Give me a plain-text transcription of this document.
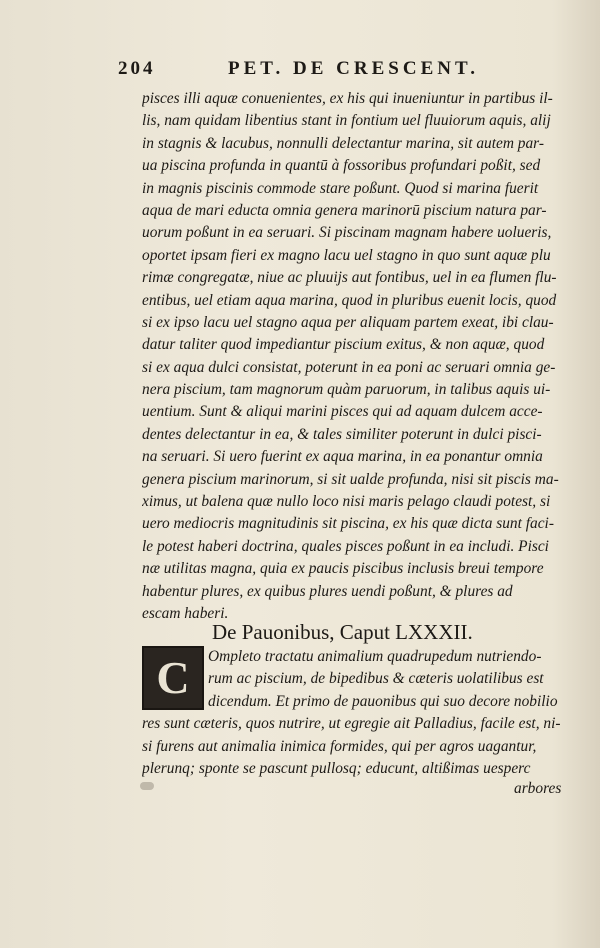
204	PET. DE CRESCENT.
pisces illi aquæ conuenientes, ex his qui inueniuntur in partibus il-
lis, nam quidam libentius stant in fontium uel fluuiorum aquis, alij
in stagnis & lacubus, nonnulli delectantur marina, sit autem par-
ua piscina profunda in quantū à fossoribus profundari poßit, sed
in magnis piscinis commode stare poßunt. Quod si marina fuerit
aqua de mari educta omnia genera marinorū piscium natura par-
uorum poßunt in ea seruari. Si piscinam magnam habere uolueris,
oportet ipsam fieri ex magno lacu uel stagno in quo sunt aquæ plu
rimæ congregatæ, niue ac pluuijs aut fontibus, uel in ea flumen flu-
entibus, uel etiam aqua marina, quod in pluribus euenit locis, quod
si ex ipso lacu uel stagno aqua per aliquam partem exeat, ibi clau-
datur taliter quod impediantur piscium exitus, & non aquæ, quod
si ex aqua dulci consistat, poterunt in ea poni ac seruari omnia ge-
nera piscium, tam magnorum quàm paruorum, in talibus aquis ui-
uentium. Sunt & aliqui marini pisces qui ad aquam dulcem acce-
dentes delectantur in ea, & tales similiter poterunt in dulci pisci-
na seruari. Si uero fuerint ex aqua marina, in ea ponantur omnia
genera piscium marinorum, si sit ualde profunda, nisi sit piscis ma-
ximus, ut balena quæ nullo loco nisi maris pelago claudi potest, si
uero mediocris magnitudinis sit piscina, ex his quæ dicta sunt faci-
le potest haberi doctrina, quales pisces poßunt in ea includi. Pisci
næ utilitas magna, quia ex paucis piscibus inclusis breui tempore
habentur plures, ex quibus plures uendi poßunt, & plures ad
escam haberi.
De Pauonibus, Caput LXXXII.
Ompleto tractatu animalium quadrupedum nutriendo-
rum ac piscium, de bipedibus & cæteris uolatilibus est
dicendum. Et primo de pauonibus qui suo decore nobilio
res sunt cæteris, quos nutrire, ut egregie ait Palladius, facile est, ni-
si furens aut animalia inimica formides, qui per agros uagantur,
plerunq; sponte se pascunt pullosq; educunt, altißimas uesperc
C
arbores
